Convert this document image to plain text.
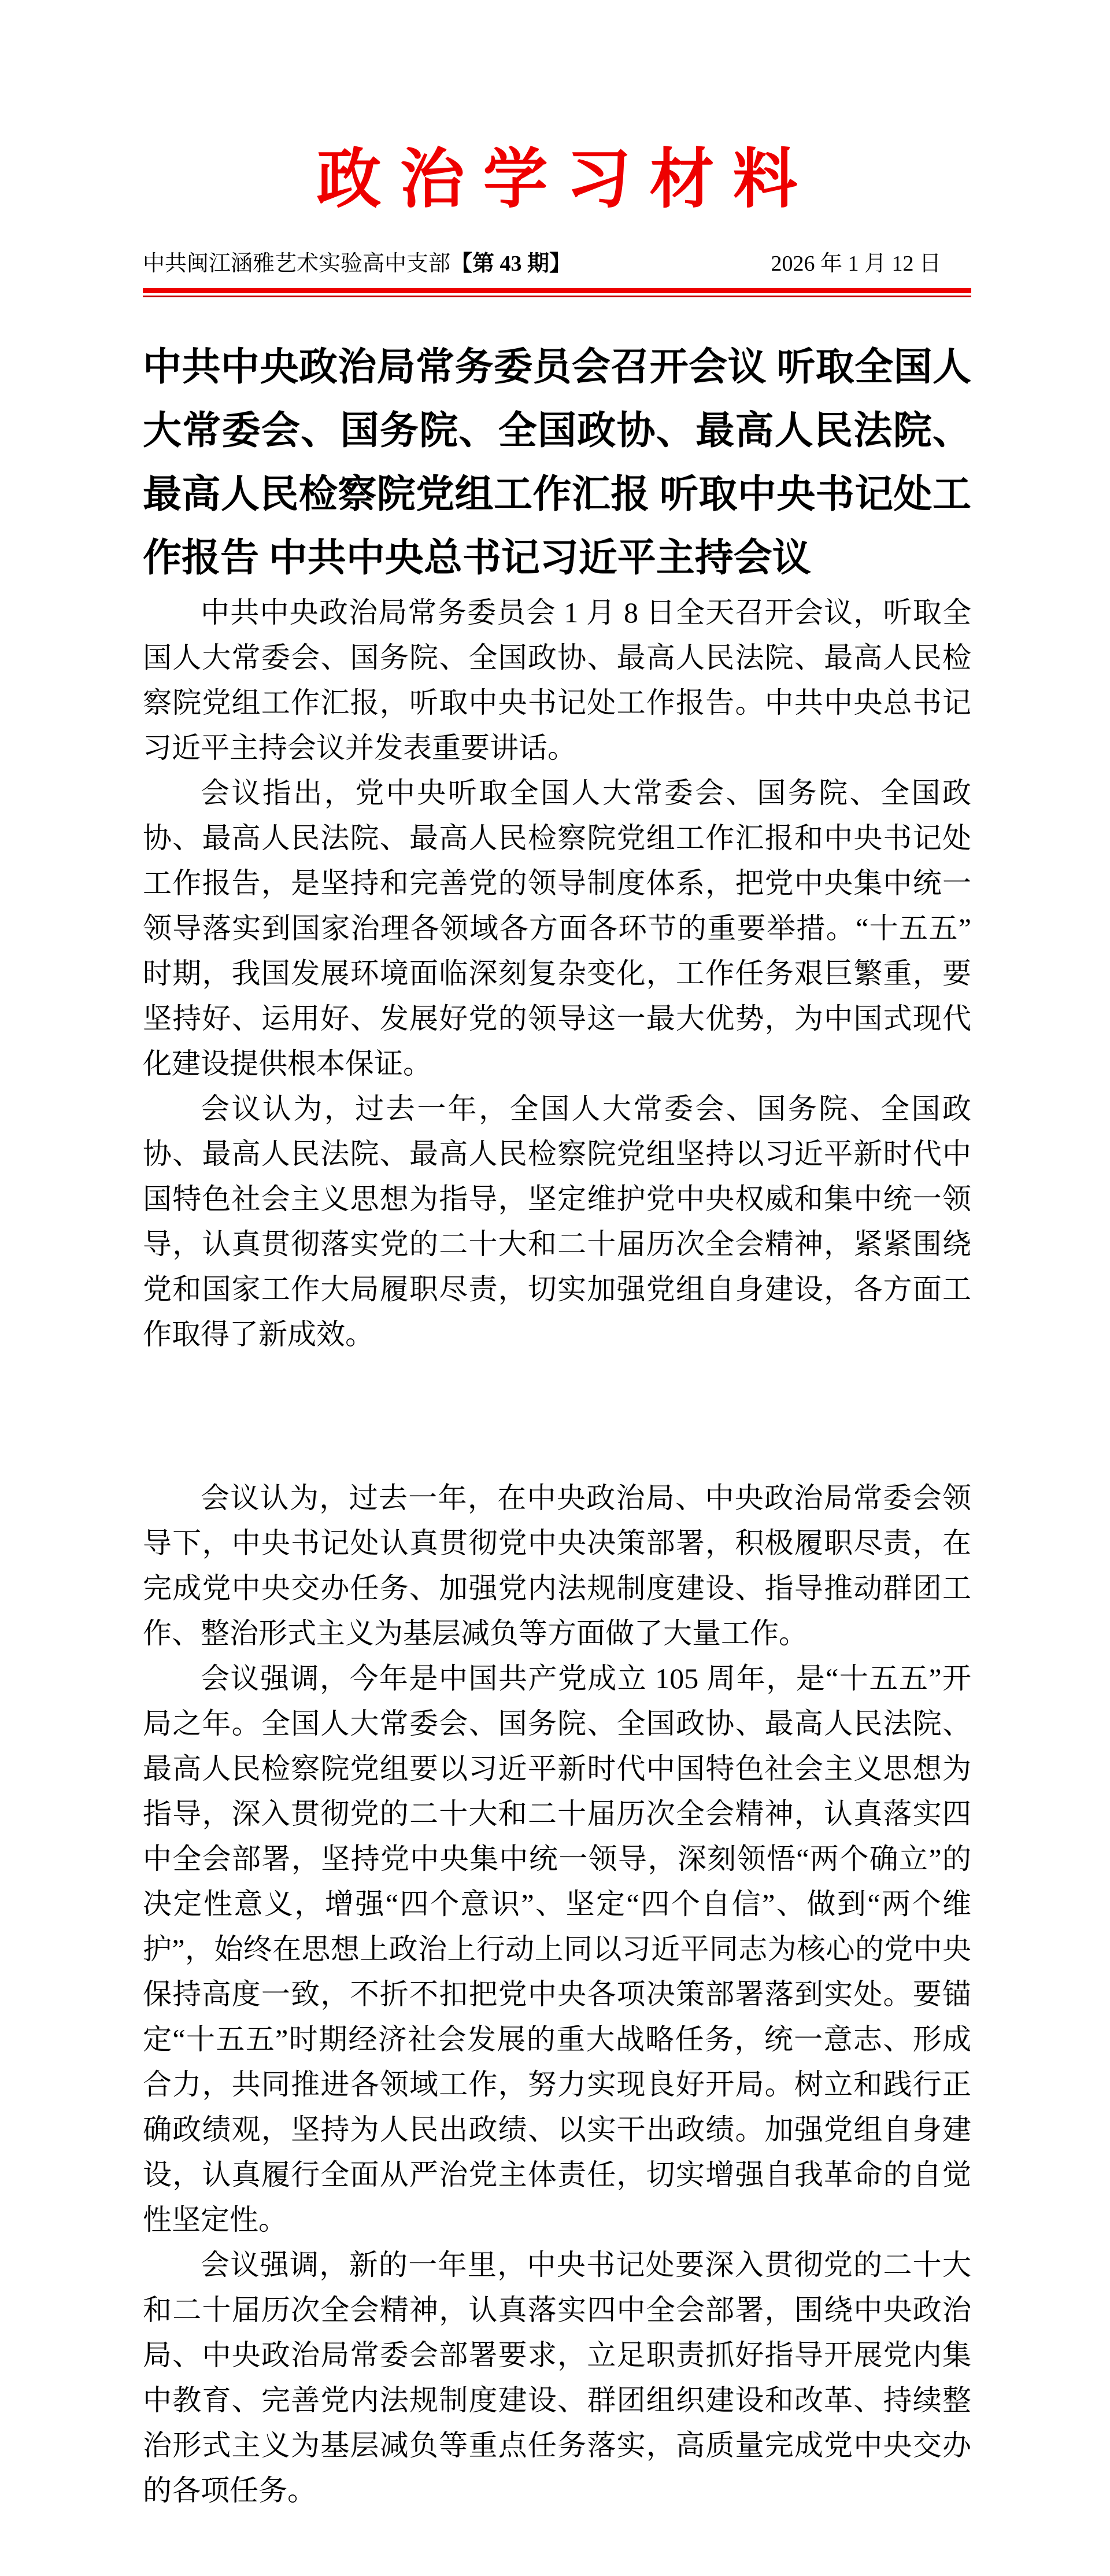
政治学习材料
中共闽江涵雅艺术实验高中支部 【第 43 期】	2026 年 1 月 12 日
中共中央政治局常务委员会召开会议 听取全国人大常委会、国务院、全国政协、最高人民法院、最高人民检察院党组工作汇报 听取中央书记处工作报告 中共中央总书记习近平主持会议

中共中央政治局常务委员会 1 月 8 日全天召开会议，听取全国人大常委会、国务院、全国政协、最高人民法院、最高人民检察院党组工作汇报，听取中央书记处工作报告。中共中央总书记习近平主持会议并发表重要讲话。

会议指出，党中央听取全国人大常委会、国务院、全国政协、最高人民法院、最高人民检察院党组工作汇报和中央书记处工作报告，是坚持和完善党的领导制度体系，把党中央集中统一领导落实到国家治理各领域各方面各环节的重要举措。“十五五”时期，我国发展环境面临深刻复杂变化，工作任务艰巨繁重，要坚持好、运用好、发展好党的领导这一最大优势，为中国式现代化建设提供根本保证。

会议认为，过去一年，全国人大常委会、国务院、全国政协、最高人民法院、最高人民检察院党组坚持以习近平新时代中国特色社会主义思想为指导，坚定维护党中央权威和集中统一领导，认真贯彻落实党的二十大和二十届历次全会精神，紧紧围绕党和国家工作大局履职尽责，切实加强党组自身建设，各方面工作取得了新成效。

会议认为，过去一年，在中央政治局、中央政治局常委会领导下，中央书记处认真贯彻党中央决策部署，积极履职尽责，在完成党中央交办任务、加强党内法规制度建设、指导推动群团工作、整治形式主义为基层减负等方面做了大量工作。

会议强调，今年是中国共产党成立 105 周年，是“十五五”开局之年。全国人大常委会、国务院、全国政协、最高人民法院、最高人民检察院党组要以习近平新时代中国特色社会主义思想为指导，深入贯彻党的二十大和二十届历次全会精神，认真落实四中全会部署，坚持党中央集中统一领导，深刻领悟“两个确立”的决定性意义，增强“四个意识”、坚定“四个自信”、做到“两个维护”，始终在思想上政治上行动上同以习近平同志为核心的党中央保持高度一致，不折不扣把党中央各项决策部署落到实处。要锚定“十五五”时期经济社会发展的重大战略任务，统一意志、形成合力，共同推进各领域工作，努力实现良好开局。树立和践行正确政绩观，坚持为人民出政绩、以实干出政绩。加强党组自身建设，认真履行全面从严治党主体责任，切实增强自我革命的自觉性坚定性。

会议强调，新的一年里，中央书记处要深入贯彻党的二十大和二十届历次全会精神，认真落实四中全会部署，围绕中央政治局、中央政治局常委会部署要求，立足职责抓好指导开展党内集中教育、完善党内法规制度建设、群团组织建设和改革、持续整治形式主义为基层减负等重点任务落实，高质量完成党中央交办的各项任务。
